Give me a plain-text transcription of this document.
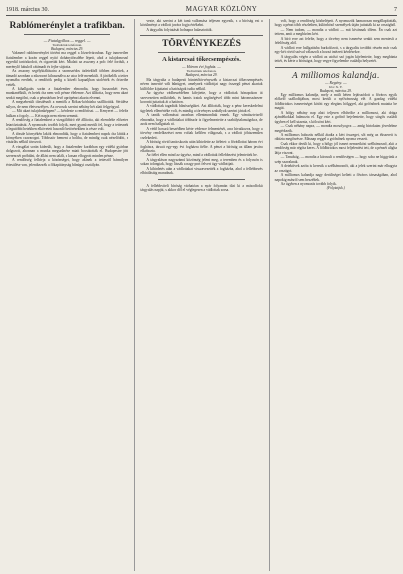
1918. március 30.	MAGYAR KÖZLÖNY	7
Rablómerénylet a trafikban.
— Fiatalgyilkos — reggel. —
Tudósítónk telefonon.
Budapest, március 29.

Vakmerő rablómerénylet történt ma reggel a Józsefvárosban. Egy ismeretlen fiatalember a korán reggel nyitó dohánytőzsdébe lépett, ahol a tulajdonosnő egyedül tartózkodott, és cigarettát kért. Mialatt az asszony a polc felé fordult, a merénylő hátulról rátámadt és fejbe sújtotta.

Az asszony segélykiáltásaira a szomszédos üzletekből többen átsiettek, a támadó azonban a zűrzavart kihasználva az utca felé menekült. A járókelők a tettes nyomába eredtek, a rendőrök pedig a közeli kapualjban utolérték és őrizetbe vették.

A kihallgatás során a fiatalember elmondta, hogy huszonkét éves, munkanélküli, és hetek óta nem volt pénze élelemre. Azt állította, hogy nem akart senkit megölni, csak a pénztárban levő aprópénzt akarta elvenni.

A megsebesült tőzsdésnőt a mentők a Rókus-kórházba szállították. Sérülése súlyos, de nem életveszélyes. Az orvosok szerint néhány hét alatt felgyógyul.

— Mit akart tulajdonképpen? — kérdezte a rendőrtiszt. — Kenyeret — felelte halkan a fogoly. — Két napja nem ettem semmit.

A rendőrség a fiatalembert a vizsgálóbíró elé állította, aki elrendelte előzetes letartóztatását. A nyomozás tovább folyik, mert gyanú merült fel, hogy a tettesnek a legutóbbi hetekben elkövetett hasonló betörésekben is része volt.

A tőzsde környékén lakók elmondták, hogy a fiatalembert napok óta látták a környéken csavarogni. Többször bement a boltba, de mindig csak nézelődött, s vásárlás nélkül távozott.

A vizsgálat során kiderült, hogy a fiatalember korábban egy vidéki gyárban dolgozott, ahonnan a munka megszűnése miatt bocsátották el. Budapestre jött szerencsét próbálni, de állást nem talált, s lassan elfogyott minden pénze.

A rendőrség felhívja a közönséget, hogy akinek a tettesről bármilyen értesülése van, jelentkezzék a főkapitányság bűnügyi osztályán.

vezte, aki szerint a két tanú vallomása teljesen egyezik, s a bíróság ezt a körülményt a vádlott javára fogja értékelni.

A tárgyalás folytatását holnapra halasztották.

TÖRVÉNYKEZÉS
A kistarcsai tőkecsempészés.
— Három évi fogház. —
Tudósítónk telefonon.
Budapest, március 29.

Ma tárgyalta a budapesti büntetőtörvényszék a kistarcsai tőkecsempészés néven ismertté vált bűnügyet, amelynek vádlottjai nagy összegű pénzt akartak külföldre kijuttatni a hatóságok tudta nélkül.

Az ügyész vádbeszédében kifejtette, hogy a vádlottak hónapokon át szervezetten működtek, és hamis iratok segítségével több mint háromszázezer koronát juttattak át a határon.

A vádlottak tagadták bűnösségüket. Azt állították, hogy a pénz kereskedelmi ügyletek ellenértéke volt, és mindig a törvényes szabályok szerint jártak el.

A tanúk vallomásai azonban ellentmondtak ennek. Egy vámtisztviselő elmondta, hogy a vádlottakat többször is figyelmeztette a szabálytalanságokra, de azok nem hallgattak rá.

A védő hosszú beszédben kérte védence felmentését, arra hivatkozva, hogy a törvény rendelkezései nem voltak kellően világosak, s a vádlott jóhiszeműen cselekedett.

A bíróság rövid tanácskozás után kihirdette az ítéletet: a fővádlottat három évi fogházra, társait egy-egy évi fogházra ítélte. A pénzt a bíróság az állam javára elkobozta.

Az ítélet ellen mind az ügyész, mind a vádlottak fellebbezést jelentettek be.

A tárgyaláson nagyszámú közönség jelent meg, a teremben és a folyosón is sokan tolongtak, hogy lássák a nagy port felvert ügy vádlottjait.

A kihirdetés után a vádlottakat visszavezették a fogházba, ahol a fellebbezés elbírálásáig maradnak.

A fellebbviteli bíróság várhatóan a nyár folyamán tűzi ki a másodfokú tárgyalás napját, s akkor dől el véglegesen a vádlottak sorsa.

volt, hogy a rendőrség közbelépett. A nyomozók hamarosan megállapították, hogy a pénzt több részletben, különböző személyek útján juttatták ki az országból.

— Nem tudom, — mondta a vádlott — mit kívánnak tőlem. Én csak azt tettem, amit a megbízóm kért.

A bíró erre azt felelte, hogy a törvény nem ismerése senkit sem mentesít a felelősség alól.

A vádlott erre hallgatásba burkolózott, s a tárgyalás további részén már csak egy-két rövid szóval válaszolt a hozzá intézett kérdésekre.

A tárgyalás végén a vádlott az utolsó szó jogán kijelentette, hogy megbánta tettét, és kérte a bíróságot, hogy vegye figyelembe családja helyzetét.

A milliomos kalandja.
— Regény. —
Irta: X. Y.
Budapest, március 29.

Egy milliomos kalandja, mely a múlt héten lejátszódott a főváros egyik előkelő szállodájában, most került a nyilvánosság elé. A gazdag vidéki földbirtokos ismeretséget kötött egy elegáns hölggyel, aki grófnőnek mutatta be magát.

A hölgy néhány nap alatt teljesen elbűvölte a milliomost, aki drága ajándékokkal halmozta el. Egy este a grófnő bejelentette, hogy sürgős családi ügyben el kell utaznia, s kölcsönt kért.

— Csak néhány napra, — mondta mosolyogva — amíg birtokaim jövedelme megérkezik.

A milliomos habozás nélkül átadta a kért összeget, sőt még az ékszereit is rábízta megőrzésre. Másnap reggel a grófnőnek nyoma veszett.

Csak ekkor derült ki, hogy a hölgy jól ismert nemzetközi szélhámosnő, akit a rendőrség már régóta keres. A földbirtokos most feljelentést tett, de a pénzét aligha látja viszont.

— Tanulság, — mondta a károsult a rendőrségen — hogy soha ne higgyünk a szép szavaknak.

A detektívek azóta is keresik a szélhámosnőt, aki a jelek szerint már elhagyta az országot.

A milliomos kalandja nagy derültséget keltett a főváros társaságában, ahol napokig másról sem beszéltek.

Az ügyben a nyomozás tovább folyik.

(Folytatjuk.)
